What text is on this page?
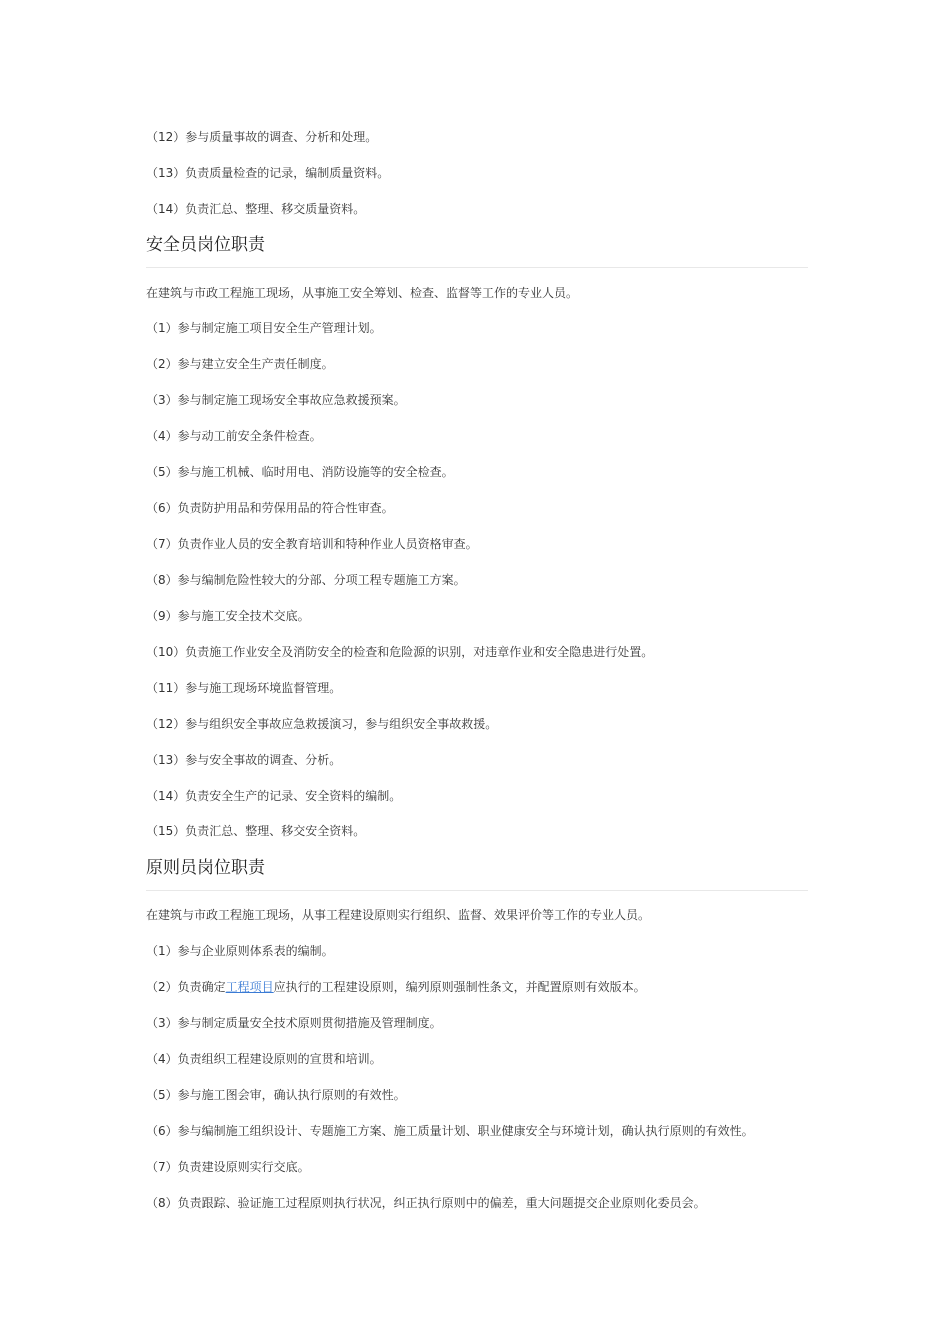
（12）参与质量事故的调查、分析和处理。
（13）负责质量检查的记录，编制质量资料。
（14）负责汇总、整理、移交质量资料。
安全员岗位职责
在建筑与市政工程施工现场，从事施工安全筹划、检查、监督等工作的专业人员。
（1）参与制定施工项目安全生产管理计划。
（2）参与建立安全生产责任制度。
（3）参与制定施工现场安全事故应急救援预案。
（4）参与动工前安全条件检查。
（5）参与施工机械、临时用电、消防设施等的安全检查。
（6）负责防护用品和劳保用品的符合性审查。
（7）负责作业人员的安全教育培训和特种作业人员资格审查。
（8）参与编制危险性较大的分部、分项工程专题施工方案。
（9）参与施工安全技术交底。
（10）负责施工作业安全及消防安全的检查和危险源的识别，对违章作业和安全隐患进行处置。
（11）参与施工现场环境监督管理。
（12）参与组织安全事故应急救援演习，参与组织安全事故救援。
（13）参与安全事故的调查、分析。
（14）负责安全生产的记录、安全资料的编制。
（15）负责汇总、整理、移交安全资料。
原则员岗位职责
在建筑与市政工程施工现场，从事工程建设原则实行组织、监督、效果评价等工作的专业人员。
（1）参与企业原则体系表的编制。
（2）负责确定工程项目应执行的工程建设原则，编列原则强制性条文，并配置原则有效版本。
（3）参与制定质量安全技术原则贯彻措施及管理制度。
（4）负责组织工程建设原则的宣贯和培训。
（5）参与施工图会审，确认执行原则的有效性。
（6）参与编制施工组织设计、专题施工方案、施工质量计划、职业健康安全与环境计划，确认执行原则的有效性。
（7）负责建设原则实行交底。
（8）负责跟踪、验证施工过程原则执行状况，纠正执行原则中的偏差，重大问题提交企业原则化委员会。
